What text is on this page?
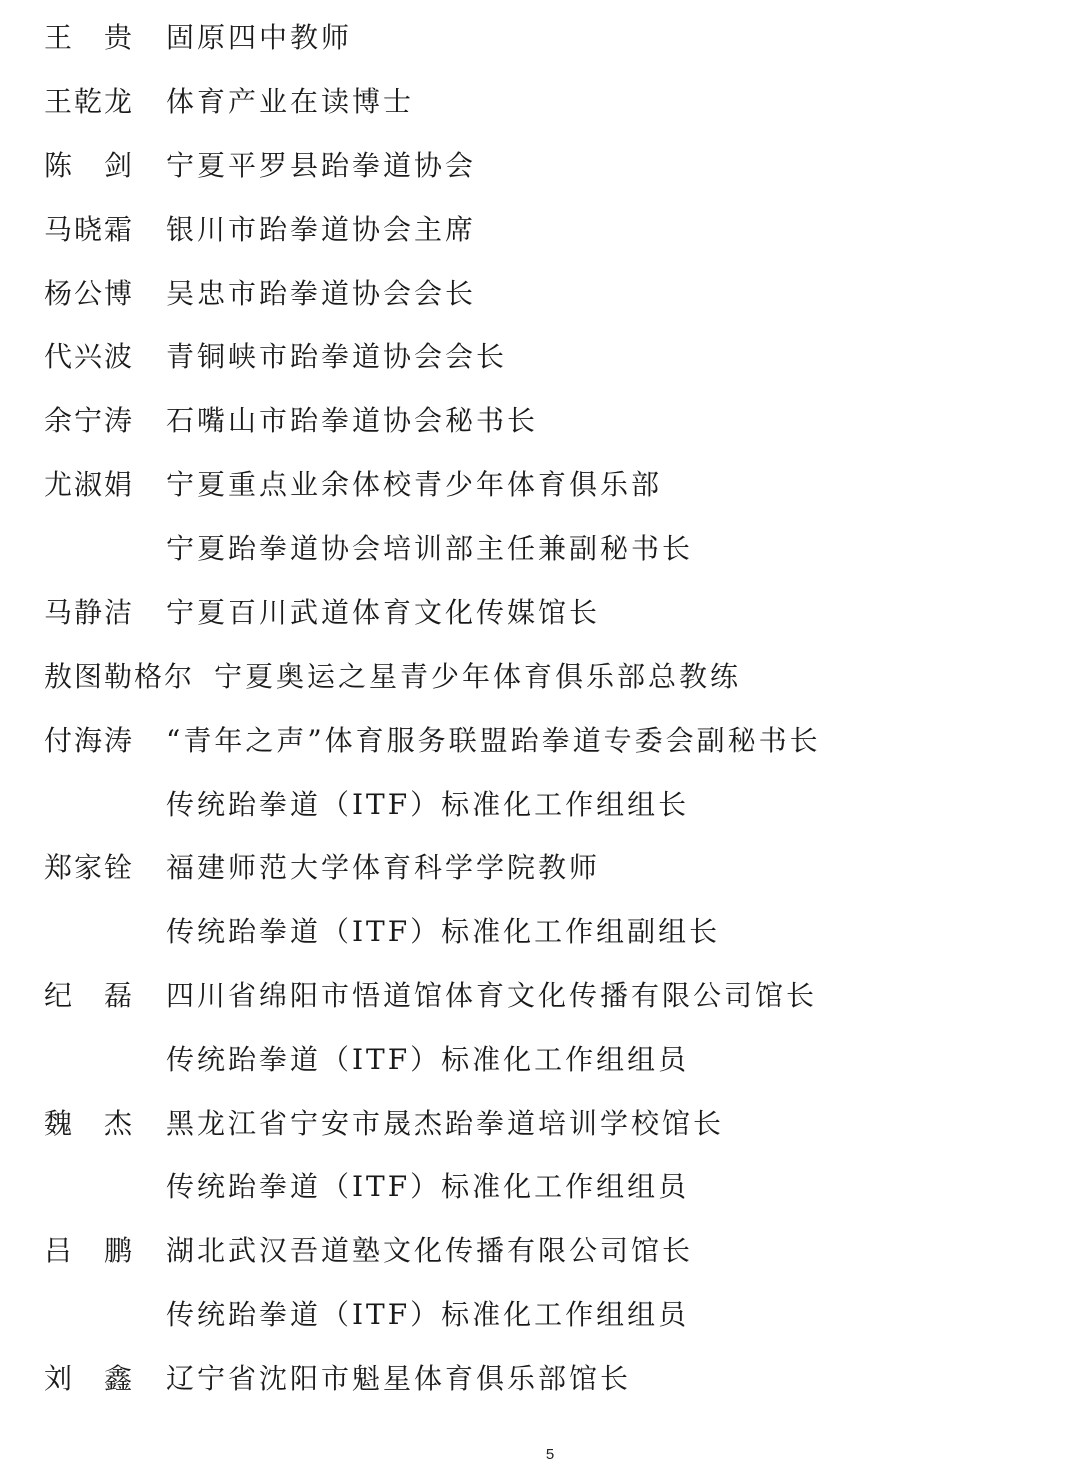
王　贵 固原四中教师
王乾龙 体育产业在读博士
陈　剑 宁夏平罗县跆拳道协会
马晓霜 银川市跆拳道协会主席
杨公博 吴忠市跆拳道协会会长
代兴波 青铜峡市跆拳道协会会长
余宁涛 石嘴山市跆拳道协会秘书长
尤淑娟 宁夏重点业余体校青少年体育俱乐部
宁夏跆拳道协会培训部主任兼副秘书长
马静洁 宁夏百川武道体育文化传媒馆长
敖图勒格尔 宁夏奥运之星青少年体育俱乐部总教练
付海涛 “青年之声”体育服务联盟跆拳道专委会副秘书长
传统跆拳道（ITF）标准化工作组组长
郑家铨 福建师范大学体育科学学院教师
传统跆拳道（ITF）标准化工作组副组长
纪　磊 四川省绵阳市悟道馆体育文化传播有限公司馆长
传统跆拳道（ITF）标准化工作组组员
魏　杰 黑龙江省宁安市晟杰跆拳道培训学校馆长
传统跆拳道（ITF）标准化工作组组员
吕　鹏 湖北武汉吾道塾文化传播有限公司馆长
传统跆拳道（ITF）标准化工作组组员
刘　鑫 辽宁省沈阳市魁星体育俱乐部馆长
5
